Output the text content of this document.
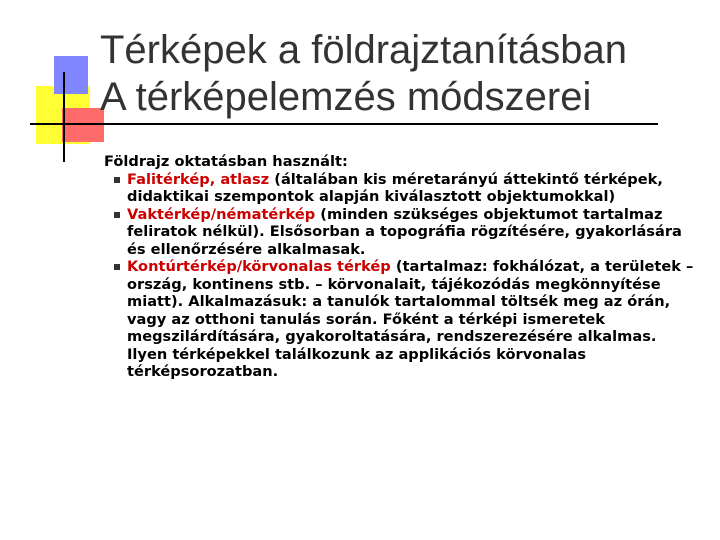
Térképek a földrajztanításban
A térképelemzés módszerei

Földrajz oktatásban használt:

Falitérkép, atlasz (általában kis méretarányú áttekintő térképek, didaktikai szempontok alapján kiválasztott objektumokkal)
Vaktérkép/nématérkép (minden szükséges objektumot tartalmaz feliratok nélkül). Elsősorban a topográfia rögzítésére, gyakorlására és ellenőrzésére alkalmasak.
Kontúrtérkép/körvonalas térkép (tartalmaz: fokhálózat, a területek – ország, kontinens stb. – körvonalait, tájékozódás megkönnyítése miatt). Alkalmazásuk: a tanulók tartalommal töltsék meg az órán, vagy az otthoni tanulás során. Főként a térképi ismeretek megszilárdítására, gyakoroltatására, rendszerezésére alkalmas. Ilyen térképekkel találkozunk az applikációs körvonalas térképsorozatban.
